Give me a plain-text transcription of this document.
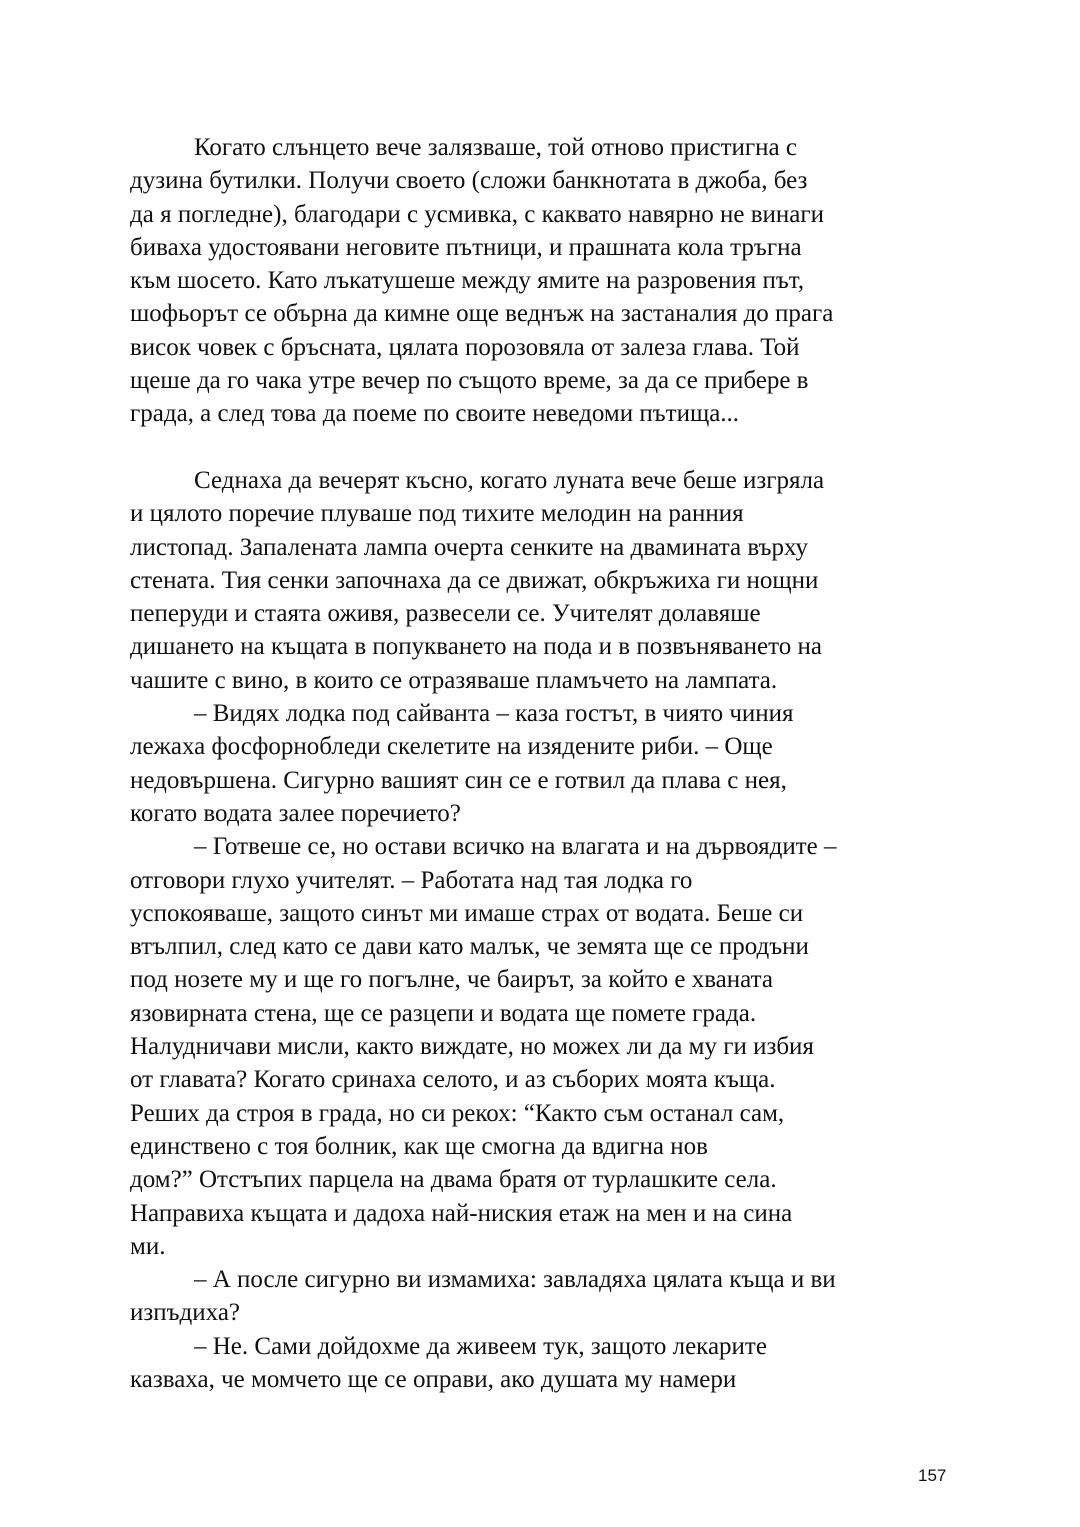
Когато слънцето вече залязваше, той отново пристигна с
дузина бутилки. Получи своето (сложи банкнотата в джоба, без
да я погледне), благодари с усмивка, с каквато навярно не винаги
биваха удостоявани неговите пътници, и прашната кола тръгна
към шосето. Като лъкатушеше между ямите на разровения път,
шофьорът се обърна да кимне още веднъж на застаналия до прага
висок човек с бръсната, цялата порозовяла от залеза глава. Той
щеше да го чака утре вечер по същото време, за да се прибере в
града, а след това да поеме по своите неведоми пътища...
Седнаха да вечерят късно, когато луната вече беше изгряла
и цялото поречие плуваше под тихите мелодин на ранния
листопад. Запалената лампа очерта сенките на двамината върху
стената. Тия сенки започнаха да се движат, обкръжиха ги нощни
пеперуди и стаята оживя, развесели се. Учителят долавяше
дишането на къщата в попукването на пода и в позвъняването на
чашите с вино, в които се отразяваше пламъчето на лампата.
– Видях лодка под сайванта – каза гостът, в чиято чиния
лежаха фосфорнобледи скелетите на изядените риби. – Още
недовършена. Сигурно вашият син се е готвил да плава с нея,
когато водата залее поречието?
– Готвеше се, но остави всичко на влагата и на дървоядите –
отговори глухо учителят. – Работата над тая лодка го
успокояваше, защото синът ми имаше страх от водата. Беше си
втълпил, след като се дави като малък, че земята ще се продъни
под нозете му и ще го погълне, че баирът, за който е хваната
язовирната стена, ще се разцепи и водата ще помете града.
Налудничави мисли, както виждате, но можех ли да му ги избия
от главата? Когато сринаха селото, и аз съборих моята къща.
Реших да строя в града, но си рекох: “Както съм останал сам,
единствено с тоя болник, как ще смогна да вдигна нов
дом?” Отстъпих парцела на двама братя от турлашките села.
Направиха къщата и дадоха най-ниския етаж на мен и на сина
ми.
– А после сигурно ви измамиха: завладяха цялата къща и ви
изпъдиха?
– Не. Сами дойдохме да живеем тук, защото лекарите
казваха, че момчето ще се оправи, ако душата му намери
157
